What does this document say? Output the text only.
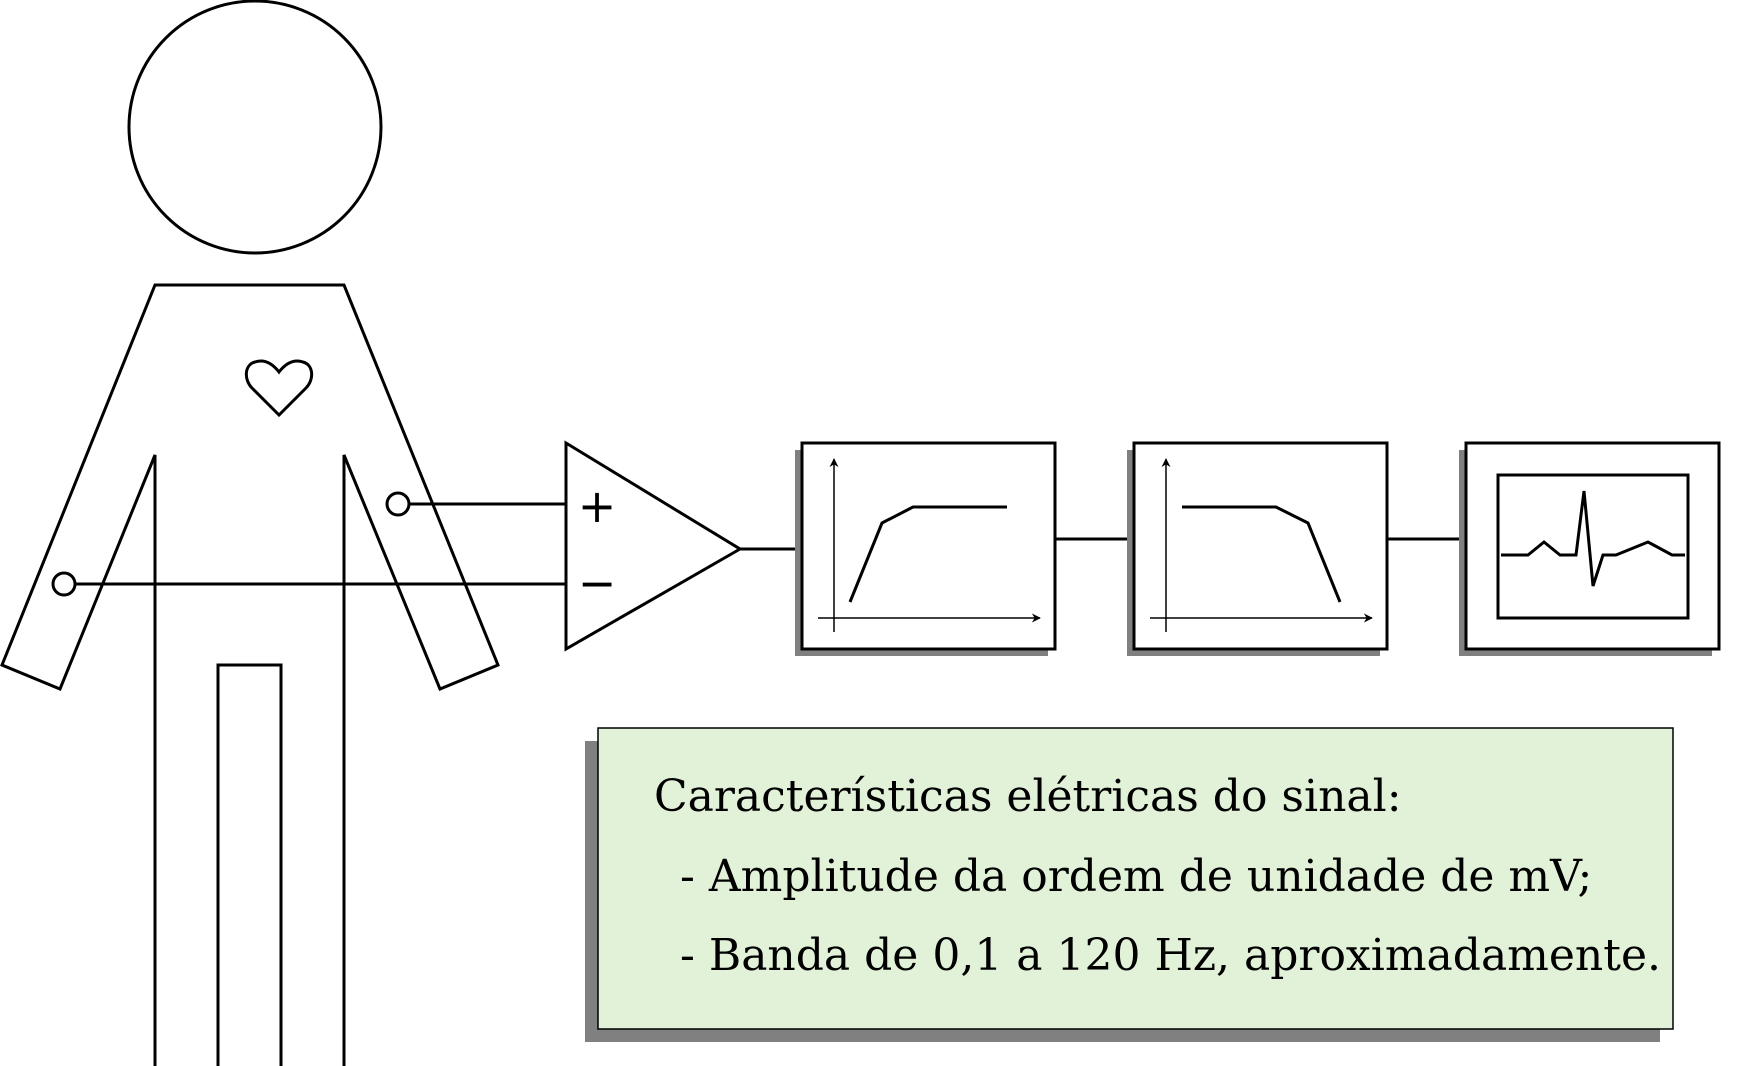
+
−
Características elétricas do sinal:
- Amplitude da ordem de unidade de mV;
- Banda de 0,1 a 120 Hz, aproximadamente.
